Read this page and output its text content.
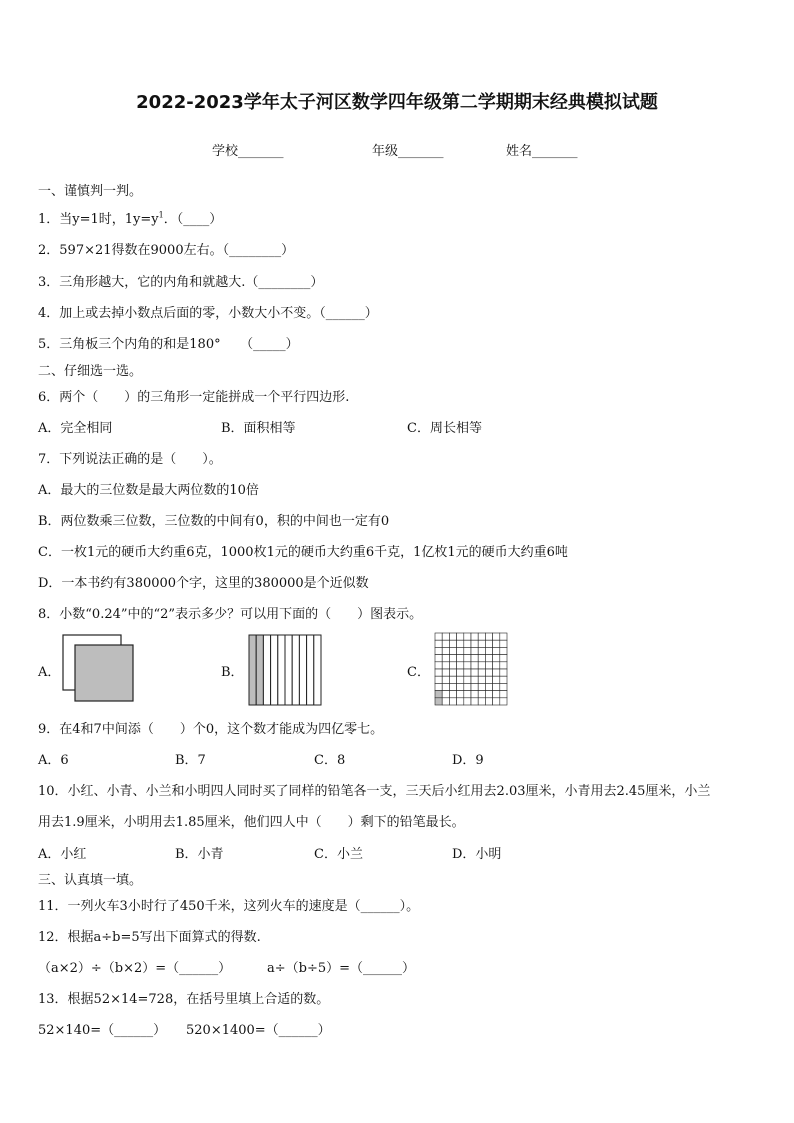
2022-2023学年太子河区数学四年级第二学期期末经典模拟试题
学校_______	年级_______	姓名_______
一、谨慎判一判。
1．当y=1时，$1y=y^1$．（____）
2．597×21得数在9000左右。（________）
3．三角形越大，它的内角和就越大.（________）
4．加上或去掉小数点后面的零，小数大小不变。（______）
5．三角板三个内角的和是180°　　（_____）
二、仔细选一选。
6．两个（　　）的三角形一定能拼成一个平行四边形.
A．完全相同	B．面积相等	C．周长相等
7．下列说法正确的是（　　）。
A．最大的三位数是最大两位数的10倍
B．两位数乘三位数，三位数的中间有0，积的中间也一定有0
C．一枚1元的硬币大约重6克，1000枚1元的硬币大约重6千克，1亿枚1元的硬币大约重6吨
D．一本书约有380000个字，这里的380000是个近似数
8．小数“0.24”中的“2”表示多少？可以用下面的（　　）图表示。
A．	B．	C．
9．在4和7中间添（　　）个0，这个数才能成为四亿零七。
A．6	B．7	C．8	D．9
10．小红、小青、小兰和小明四人同时买了同样的铅笔各一支，三天后小红用去2.03厘米，小青用去2.45厘米，小兰
用去1.9厘米，小明用去1.85厘米，他们四人中（　　）剩下的铅笔最长。
A．小红	B．小青	C．小兰	D．小明
三、认真填一填。
11．一列火车3小时行了450千米，这列火车的速度是（______）。
12．根据a÷b=5写出下面算式的得数.
（a×2）÷（b×2）=（______）	a÷（b÷5）=（______）
13．根据52×14=728，在括号里填上合适的数。
52×140=（______） 520×1400=（______）
